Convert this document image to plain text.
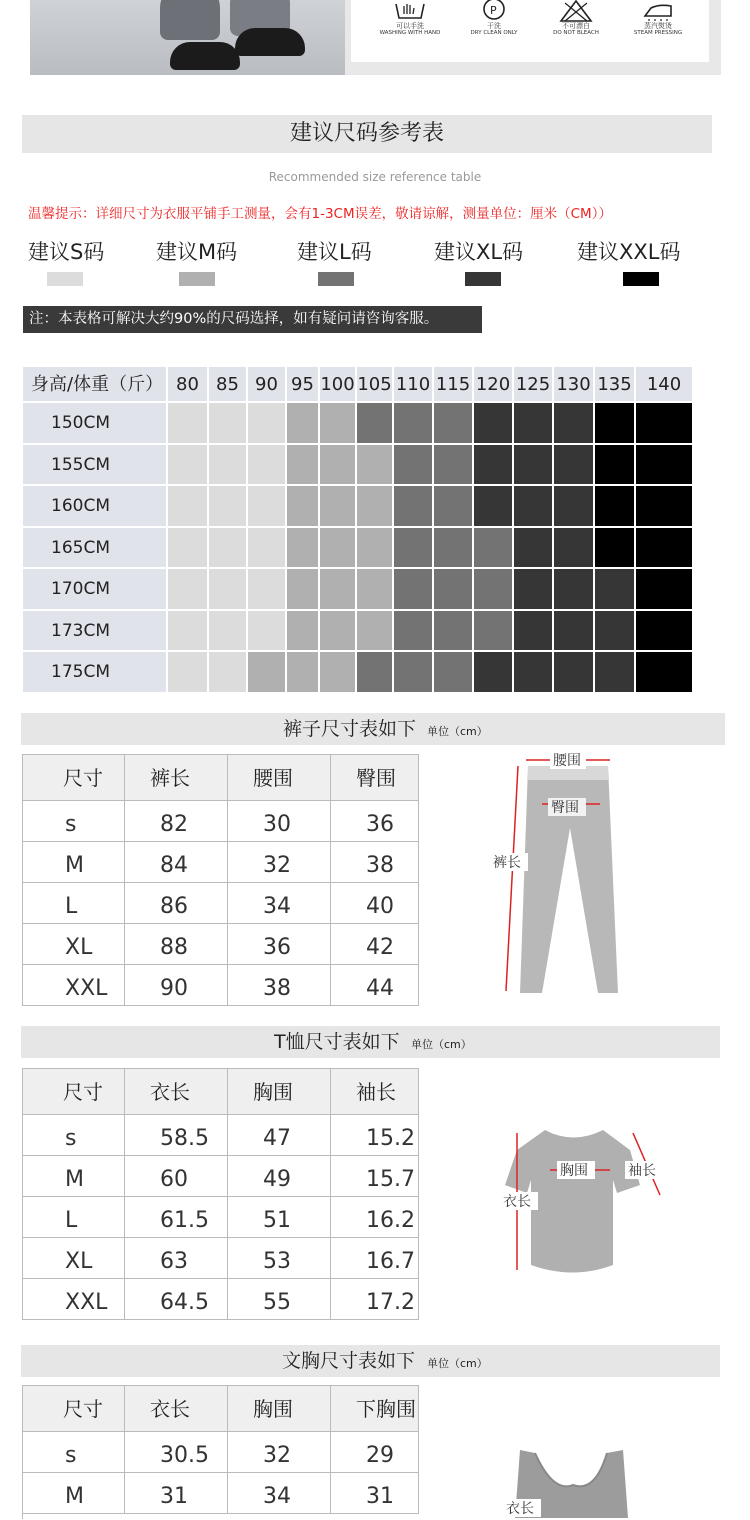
可以手洗
WASHING WITH HAND
P
干洗
DRY CLEAN ONLY
不可漂白
DO NOT BLEACH
蒸汽熨烫
STEAM PRESSING
建议尺码参考表
Recommended size reference table
温馨提示：详细尺寸为衣服平铺手工测量，会有1-3CM误差，敬请谅解，测量单位：厘米（CM））
建议S码 建议M码	建议L码	建议XL码	建议XXL码
注：本表格可解决大约90%的尺码选择，如有疑问请咨询客服。
身高/体重（斤） 80 85 90 95 100 105 110 115 120 125 130 135 140
150CM
155CM
160CM
165CM
170CM
173CM
175CM
裤子尺寸表如下 单位（cm）
尺寸	裤长	腰围	臀围
s	82	30	36
M	84	32	38
L	86	34	40
XL	88	36	42
XXL	90	38	44
腰围
臀围
裤长
T恤尺寸表如下 单位（cm）
尺寸	衣长	胸围	袖长
s	58.5	47	15.2
M	60	49	15.7
L	61.5	51	16.2
XL	63	53	16.7
XXL	64.5	55	17.2
胸围	袖长
衣长
文胸尺寸表如下 单位（cm）
尺寸	衣长	胸围	下胸围
s	30.5	32	29
M	31	34	31	衣长
